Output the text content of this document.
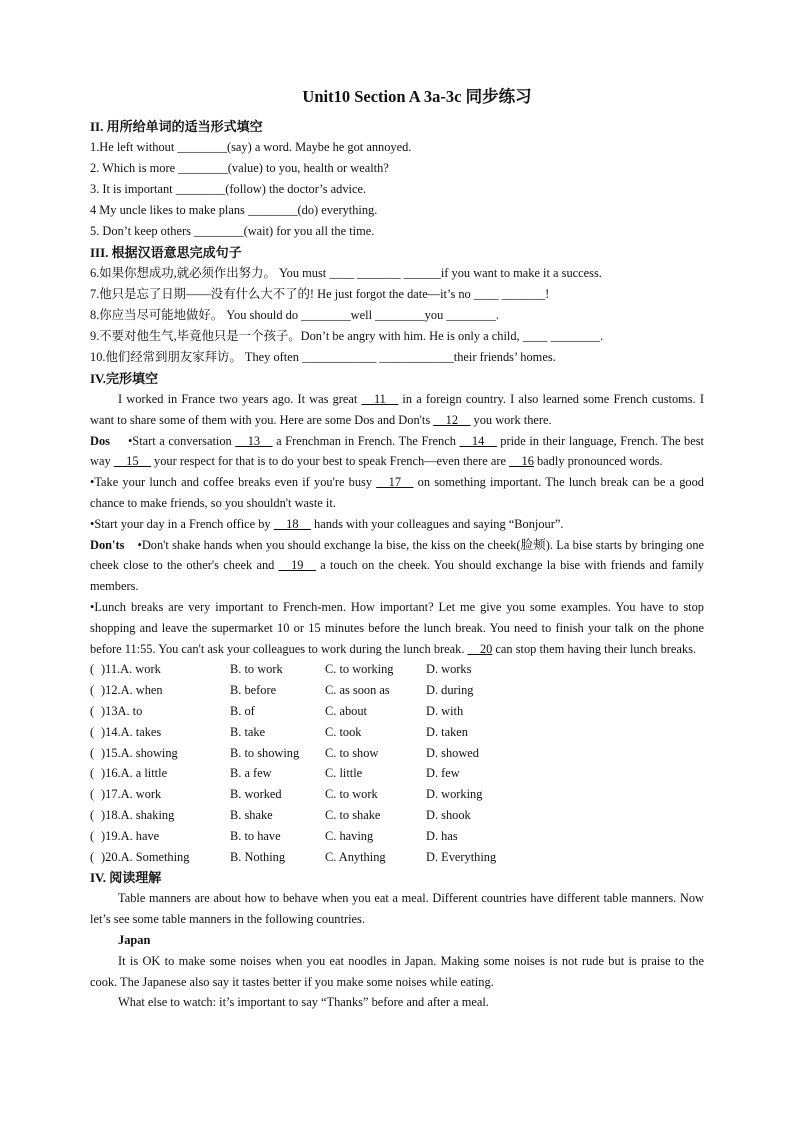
Unit10 Section A 3a-3c 同步练习
II. 用所给单词的适当形式填空
1.He left without ________(say) a word. Maybe he got annoyed.
2. Which is more ________(value) to you, health or wealth?
3. It is important ________(follow) the doctor’s advice.
4 My uncle likes to make plans ________(do) everything.
5. Don’t keep others ________(wait) for you all the time.
III. 根据汉语意思完成句子
6.如果你想成功,就必须作出努力。 You must ____ _______ ______if you want to make it a success.
7.他只是忘了日期——没有什么大不了的! He just forgot the date—it’s no ____ _______!
8.你应当尽可能地做好。 You should do ________well ________you ________.
9.不要对他生气,毕竟他只是一个孩子。Don’t be angry with him. He is only a child, ____ ________.
10.他们经常到朋友家拜访。 They often ____________ ____________their friends’ homes.
IV.完形填空
I worked in France two years ago. It was great __11__ in a foreign country. I also learned some French customs. I want to share some of them with you. Here are some Dos and Don'ts __12__ you work there.
Dos •Start a conversation __13__ a Frenchman in French. The French __14__ pride in their language, French. The best way __15__ your respect for that is to do your best to speak French—even there are __16 badly pronounced words.
•Take your lunch and coffee breaks even if you're busy __17__ on something important. The lunch break can be a good chance to make friends, so you shouldn't waste it.
•Start your day in a French office by __18__ hands with your colleagues and saying “Bonjour”.
Don'ts •Don't shake hands when you should exchange la bise, the kiss on the cheek(脸颊). La bise starts by bringing one cheek close to the other's cheek and __19__ a touch on the cheek. You should exchange la bise with friends and family members.
•Lunch breaks are very important to French-men. How important? Let me give you some examples. You have to stop shopping and leave the supermarket 10 or 15 minutes before the lunch break. You need to finish your talk on the phone before 11:55. You can't ask your colleagues to work during the lunch break. __20 can stop them having their lunch breaks.
( )11.A. work	B. to work	C. to working	D. works
( )12.A. when	B. before	C. as soon as	D. during
( )13A. to	B. of	C. about	D. with
( )14.A. takes	B. take	C. took	D. taken
( )15.A. showing	B. to showing C. to show	D. showed
( )16.A. a little	B. a few	C. little	D. few
( )17.A. work	B. worked	C. to work	D. working
( )18.A. shaking	B. shake	C. to shake	D. shook
( )19.A. have	B. to have	C. having	D. has
( )20.A. Something	B. Nothing	C. Anything	D. Everything
IV. 阅读理解
Table manners are about how to behave when you eat a meal. Different countries have different table manners. Now let’s see some table manners in the following countries.
Japan
It is OK to make some noises when you eat noodles in Japan. Making some noises is not rude but is praise to the cook. The Japanese also say it tastes better if you make some noises while eating.
What else to watch: it’s important to say “Thanks” before and after a meal.
